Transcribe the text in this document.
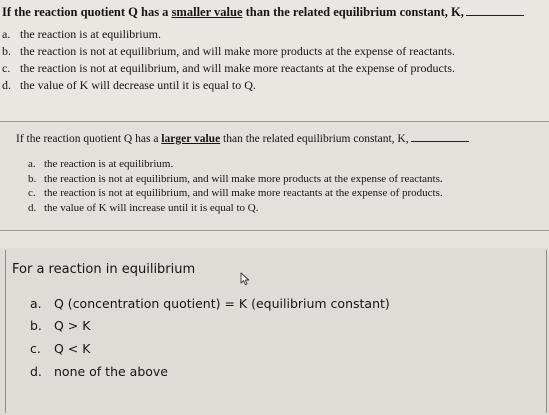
If the reaction quotient Q has a smaller value than the related equilibrium constant, K,
a. the reaction is at equilibrium.
b. the reaction is not at equilibrium, and will make more products at the expense of reactants.
c. the reaction is not at equilibrium, and will make more reactants at the expense of products.
d. the value of K will decrease until it is equal to Q.
If the reaction quotient Q has a larger value than the related equilibrium constant, K,
a. the reaction is at equilibrium.
b. the reaction is not at equilibrium, and will make more products at the expense of reactants.
c. the reaction is not at equilibrium, and will make more reactants at the expense of products.
d. the value of K will increase until it is equal to Q.
For a reaction in equilibrium
a. Q (concentration quotient) = K (equilibrium constant)
b. Q > K
c. Q < K
d. none of the above
